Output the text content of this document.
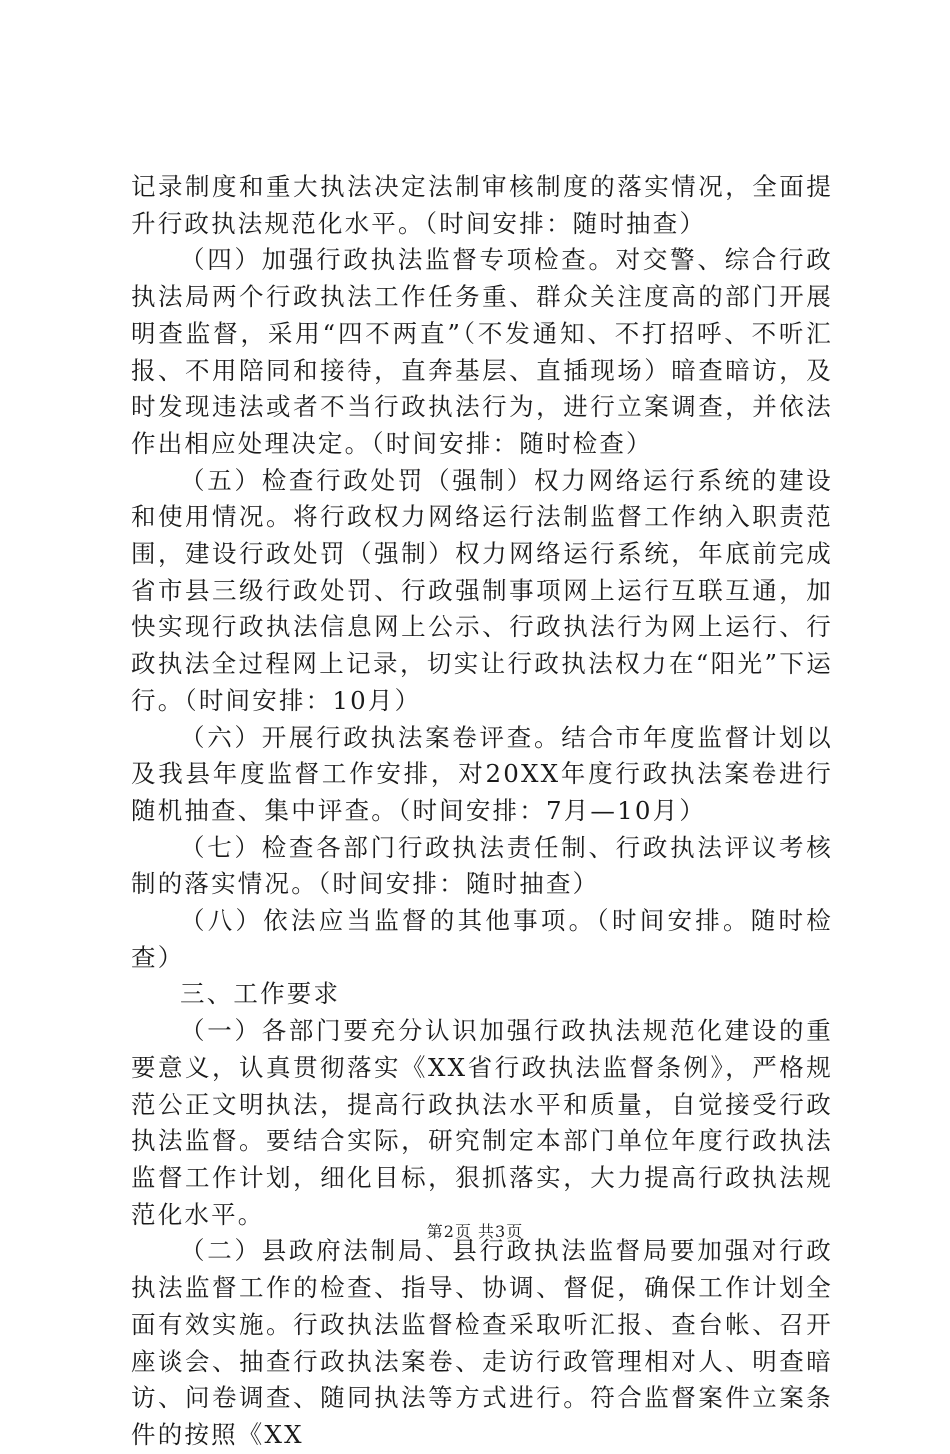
记录制度和重大执法决定法制审核制度的落实情况，全面提升行政执法规范化水平。（时间安排：随时抽查）

（四）加强行政执法监督专项检查。对交警、综合行政执法局两个行政执法工作任务重、群众关注度高的部门开展明查监督，采用“四不两直”（不发通知、不打招呼、不听汇报、不用陪同和接待，直奔基层、直插现场）暗查暗访，及时发现违法或者不当行政执法行为，进行立案调查，并依法作出相应处理决定。（时间安排：随时检查）

（五）检查行政处罚（强制）权力网络运行系统的建设和使用情况。将行政权力网络运行法制监督工作纳入职责范围，建设行政处罚（强制）权力网络运行系统，年底前完成省市县三级行政处罚、行政强制事项网上运行互联互通，加快实现行政执法信息网上公示、行政执法行为网上运行、行政执法全过程网上记录，切实让行政执法权力在“阳光”下运行。（时间安排：10月）

（六）开展行政执法案卷评查。结合市年度监督计划以及我县年度监督工作安排，对20XX年度行政执法案卷进行随机抽查、集中评查。（时间安排：7月—10月）

（七）检查各部门行政执法责任制、行政执法评议考核制的落实情况。（时间安排：随时抽查）

（八）依法应当监督的其他事项。（时间安排。随时检查）

三、工作要求

（一）各部门要充分认识加强行政执法规范化建设的重要意义，认真贯彻落实《XX省行政执法监督条例》，严格规范公正文明执法，提高行政执法水平和质量，自觉接受行政执法监督。要结合实际，研究制定本部门单位年度行政执法监督工作计划，细化目标，狠抓落实，大力提高行政执法规范化水平。

（二）县政府法制局、县行政执法监督局要加强对行政执法监督工作的检查、指导、协调、督促，确保工作计划全面有效实施。行政执法监督检查采取听汇报、查台帐、召开座谈会、抽查行政执法案卷、走访行政管理相对人、明查暗访、问卷调查、随同执法等方式进行。符合监督案件立案条件的按照《XX

第2页 共3页
